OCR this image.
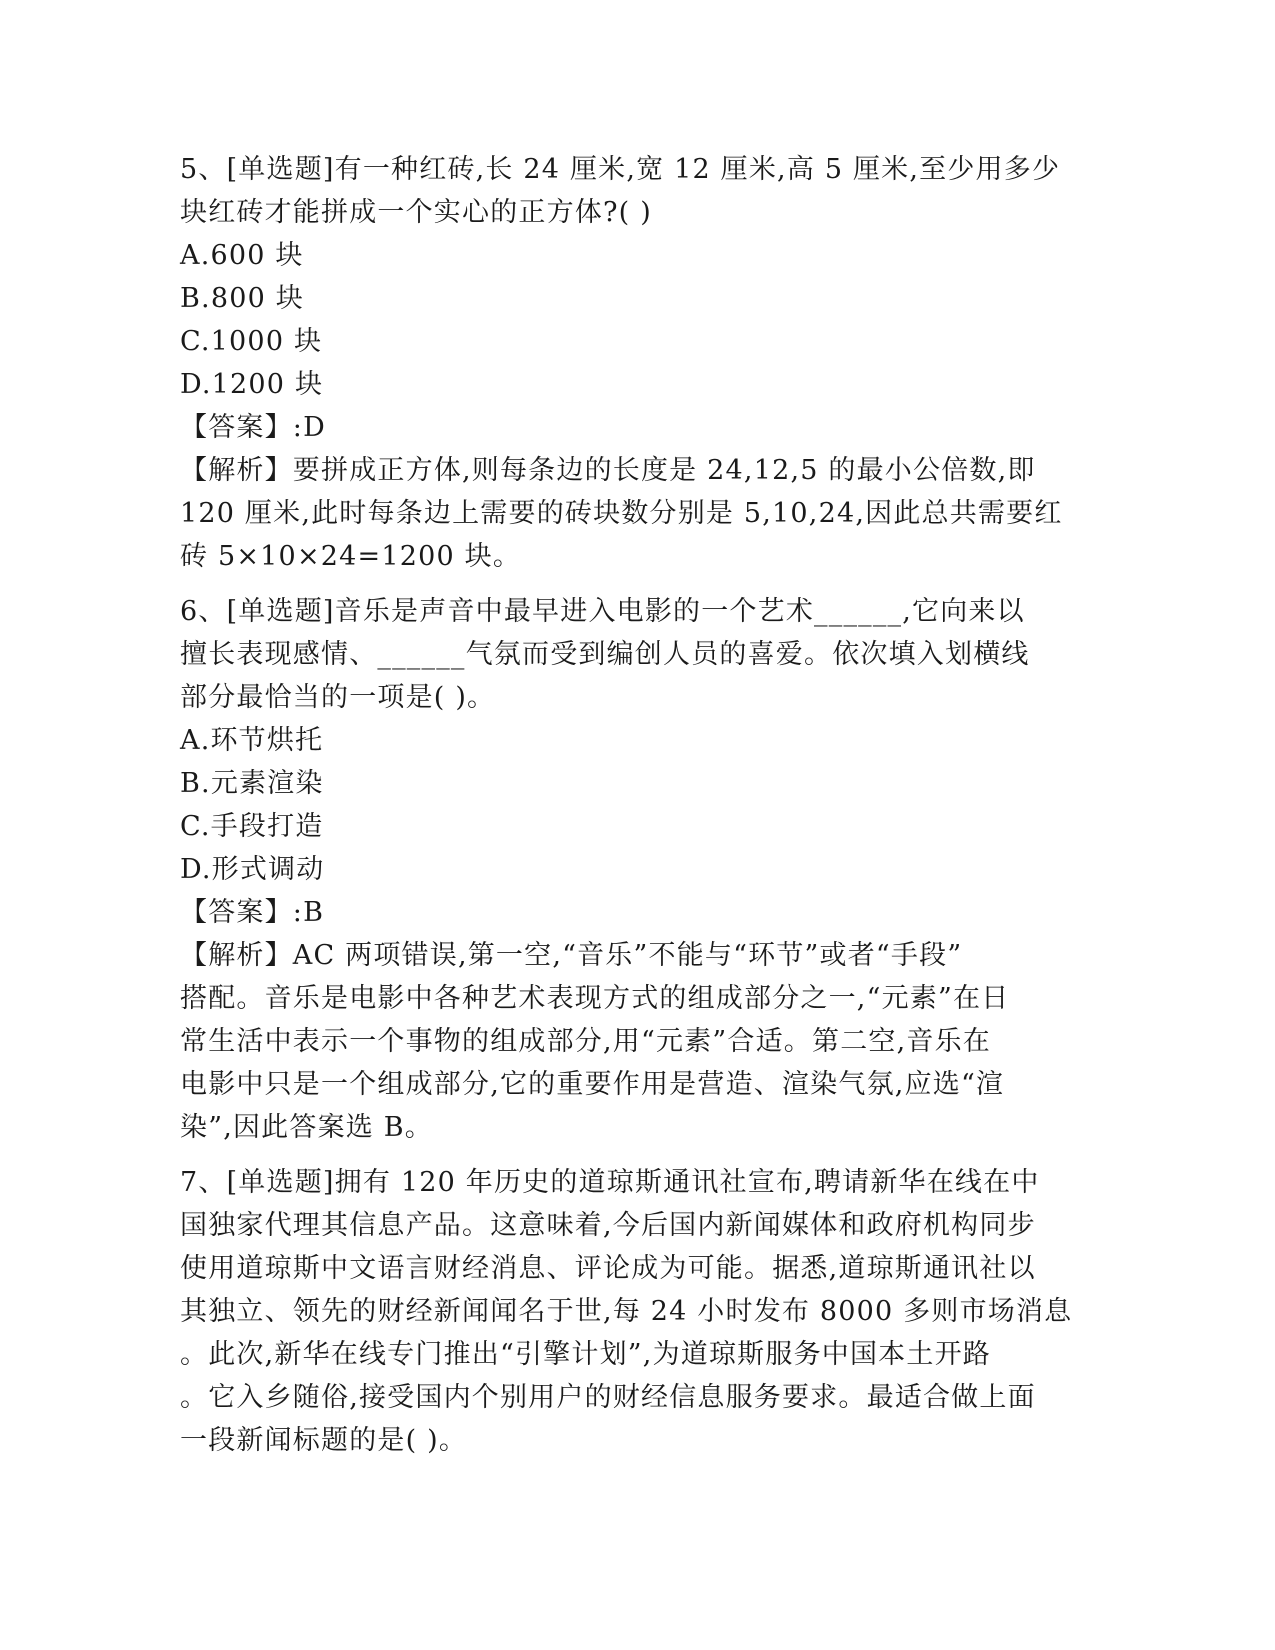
5、[单选题]有一种红砖,长 24 厘米,宽 12 厘米,高 5 厘米,至少用多少
块红砖才能拼成一个实心的正方体?( )
A.600 块
B.800 块
C.1000 块
D.1200 块
【答案】:D
【解析】要拼成正方体,则每条边的长度是 24,12,5 的最小公倍数,即
120 厘米,此时每条边上需要的砖块数分别是 5,10,24,因此总共需要红
砖 5×10×24=1200 块。
6、[单选题]音乐是声音中最早进入电影的一个艺术______,它向来以
擅长表现感情、______气氛而受到编创人员的喜爱。依次填入划横线
部分最恰当的一项是( )。
A.环节烘托
B.元素渲染
C.手段打造
D.形式调动
【答案】:B
【解析】AC 两项错误,第一空,“音乐”不能与“环节”或者“手段”
搭配。音乐是电影中各种艺术表现方式的组成部分之一,“元素”在日
常生活中表示一个事物的组成部分,用“元素”合适。第二空,音乐在
电影中只是一个组成部分,它的重要作用是营造、渲染气氛,应选“渲
染”,因此答案选 B。
7、[单选题]拥有 120 年历史的道琼斯通讯社宣布,聘请新华在线在中
国独家代理其信息产品。这意味着,今后国内新闻媒体和政府机构同步
使用道琼斯中文语言财经消息、评论成为可能。据悉,道琼斯通讯社以
其独立、领先的财经新闻闻名于世,每 24 小时发布 8000 多则市场消息
。此次,新华在线专门推出“引擎计划”,为道琼斯服务中国本土开路
。它入乡随俗,接受国内个别用户的财经信息服务要求。最适合做上面
一段新闻标题的是( )。
